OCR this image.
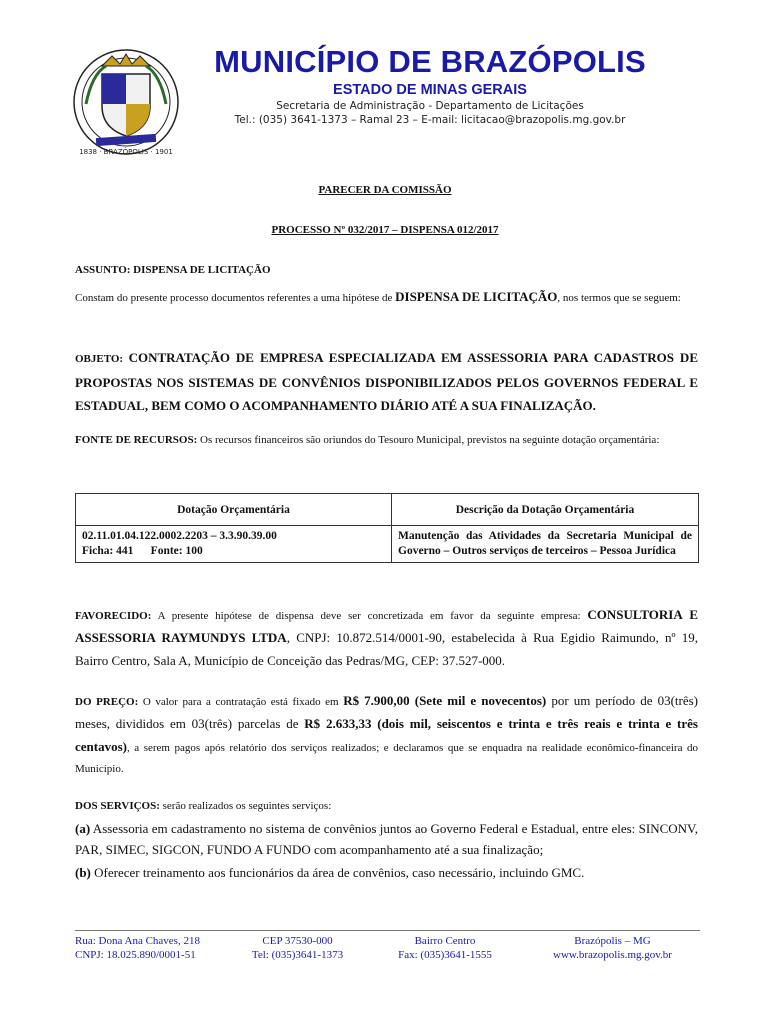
1838 · BRAZÓPOLIS · 1901
MUNICÍPIO DE BRAZÓPOLIS
ESTADO DE MINAS GERAIS
Secretaria de Administração - Departamento de Licitações
Tel.: (035) 3641-1373 – Ramal 23 – E-mail: licitacao@brazopolis.mg.gov.br
PARECER DA COMISSÃO
PROCESSO Nº 032/2017 – DISPENSA 012/2017
ASSUNTO: DISPENSA DE LICITAÇÃO
Constam do presente processo documentos referentes a uma hipótese de DISPENSA DE LICITAÇÃO, nos termos que se seguem:
OBJETO: CONTRATAÇÃO DE EMPRESA ESPECIALIZADA EM ASSESSORIA PARA CADASTROS DE PROPOSTAS NOS SISTEMAS DE CONVÊNIOS DISPONIBILIZADOS PELOS GOVERNOS FEDERAL E ESTADUAL, BEM COMO O ACOMPANHAMENTO DIÁRIO ATÉ A SUA FINALIZAÇÃO.
FONTE DE RECURSOS: Os recursos financeiros são oriundos do Tesouro Municipal, previstos na seguinte dotação orçamentária:
Dotação Orçamentária	Descrição da Dotação Orçamentária

02.11.01.04.122.0002.2203 – 3.3.90.39.00
Ficha: 441      Fonte: 100	Manutenção das Atividades da Secretaria Municipal de Governo – Outros serviços de terceiros – Pessoa Jurídica
FAVORECIDO: A presente hipótese de dispensa deve ser concretizada em favor da seguinte empresa: CONSULTORIA E ASSESSORIA RAYMUNDYS LTDA, CNPJ: 10.872.514/0001-90, estabelecida à Rua Egidio Raimundo, nº 19, Bairro Centro, Sala A, Município de Conceição das Pedras/MG, CEP: 37.527-000.
DO PREÇO: O valor para a contratação está fixado em R$ 7.900,00 (Sete mil e novecentos) por um período de 03(três) meses, divididos em 03(três) parcelas de R$ 2.633,33 (dois mil, seiscentos e trinta e três reais e trinta e três centavos), a serem pagos após relatório dos serviços realizados; e declaramos que se enquadra na realidade econômico-financeira do Município.
DOS SERVIÇOS: serão realizados os seguintes serviços:
(a) Assessoria em cadastramento no sistema de convênios juntos ao Governo Federal e Estadual, entre eles: SINCONV, PAR, SIMEC, SIGCON, FUNDO A FUNDO com acompanhamento até a sua finalização;
(b) Oferecer treinamento aos funcionários da área de convênios, caso necessário, incluindo GMC.
Rua: Dona Ana Chaves, 218
CNPJ: 18.025.890/0001-51
CEP 37530-000
Tel: (035)3641-1373
Bairro Centro
Fax: (035)3641-1555
Brazópolis – MG
www.brazopolis.mg.gov.br
